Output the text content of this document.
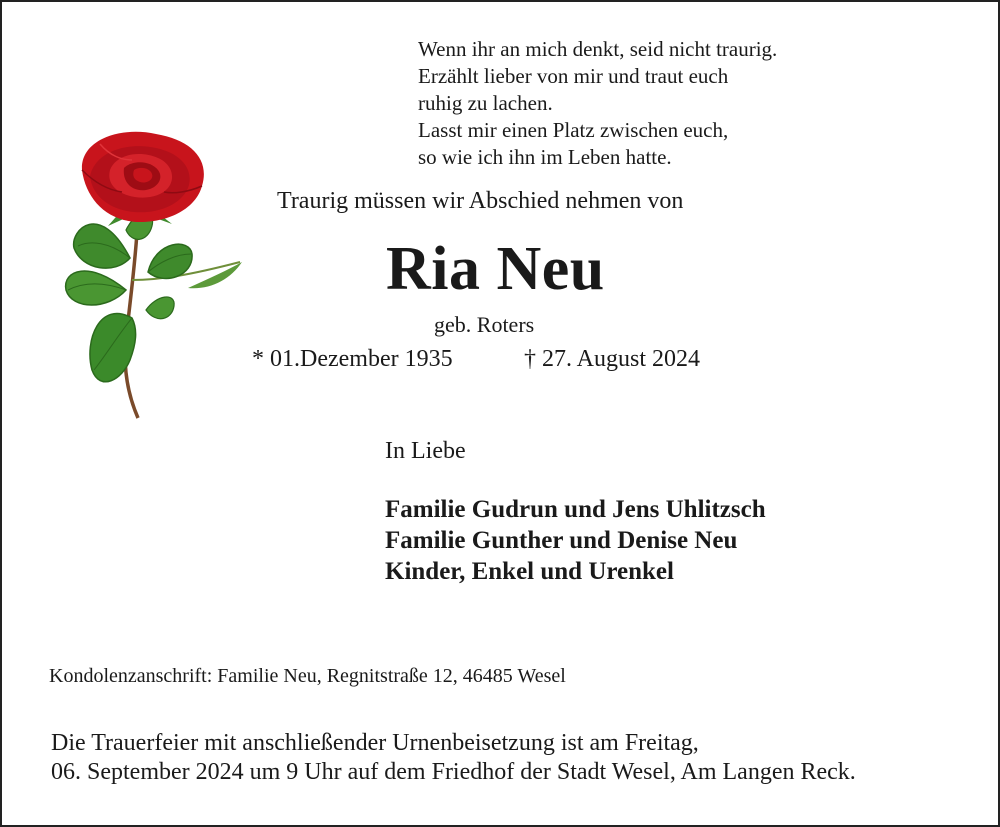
Wenn ihr an mich denkt, seid nicht traurig.
Erzählt lieber von mir und traut euch
ruhig zu lachen.
Lasst mir einen Platz zwischen euch,
so wie ich ihn im Leben hatte.
Traurig müssen wir Abschied nehmen von
Ria Neu
geb. Roters
* 01.Dezember 1935	† 27. August 2024
In Liebe
Familie Gudrun und Jens Uhlitzsch
Familie Gunther und Denise Neu
Kinder, Enkel und Urenkel
Kondolenzanschrift: Familie Neu, Regnitstraße 12, 46485 Wesel
Die Trauerfeier mit anschließender Urnenbeisetzung ist am Freitag,
06. September 2024 um 9 Uhr auf dem Friedhof der Stadt Wesel, Am Langen Reck.
